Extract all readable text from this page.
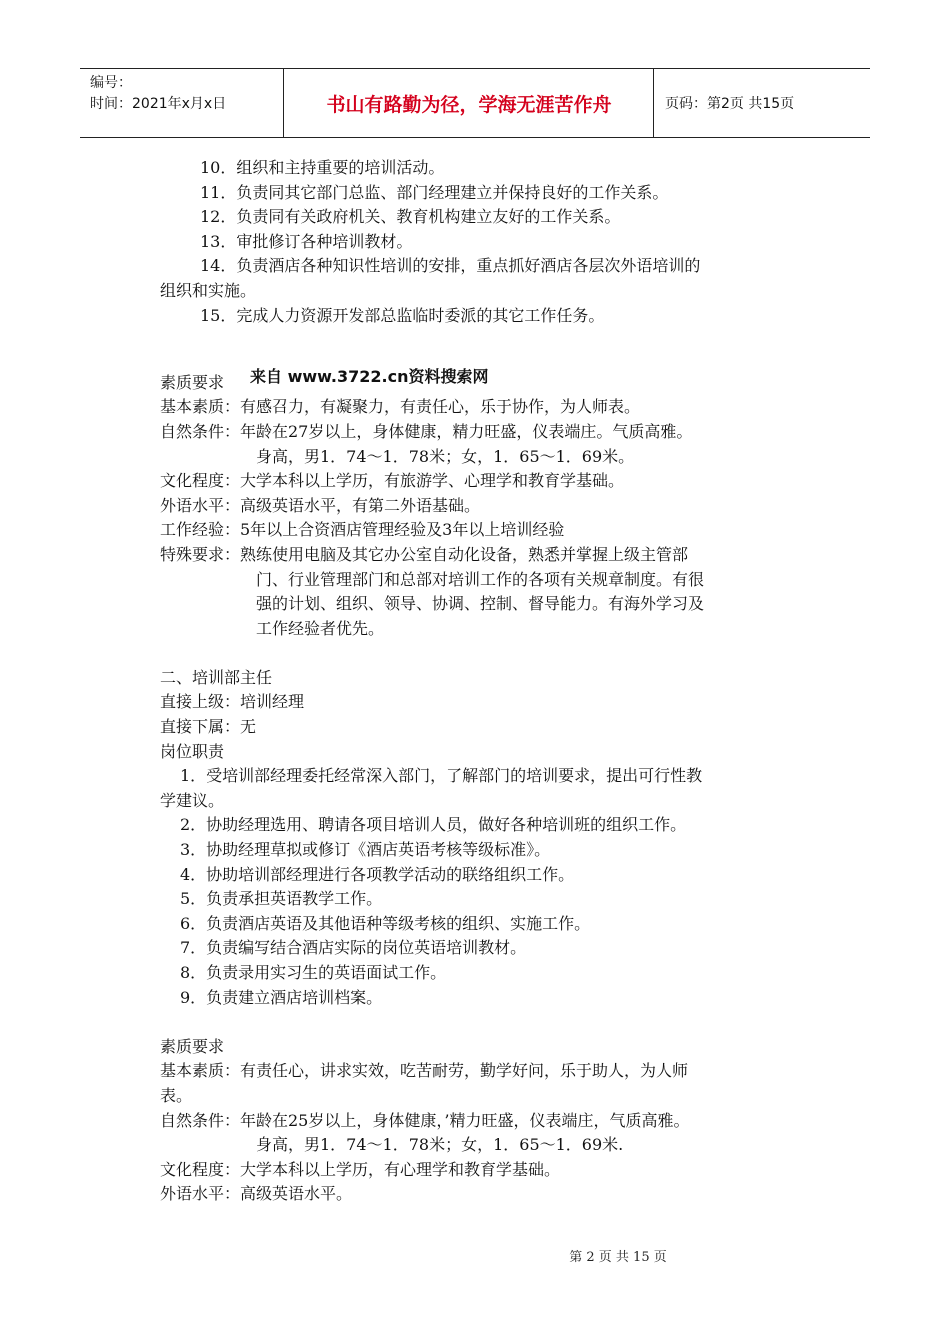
编号：
时间：2021年x月x日	书山有路勤为径，学海无涯苦作舟	页码：第2页 共15页
10．组织和主持重要的培训活动。
11．负责同其它部门总监、部门经理建立并保持良好的工作关系。
12．负责同有关政府机关、教育机构建立友好的工作关系。
13．审批修订各种培训教材。
14．负责酒店各种知识性培训的安排，重点抓好酒店各层次外语培训的
组织和实施。
15．完成人力资源开发部总监临时委派的其它工作任务。
素质要求 来自 www.3722.cn资料搜索网
基本素质：有感召力，有凝聚力，有责任心，乐于协作，为人师表。
自然条件：年龄在27岁以上，身体健康，精力旺盛，仪表端庄。气质高雅。
身高，男1．74～1．78米；女，1．65～1．69米。
文化程度：大学本科以上学历，有旅游学、心理学和教育学基础。
外语水平：高级英语水平，有第二外语基础。
工作经验：5年以上合资酒店管理经验及3年以上培训经验
特殊要求：熟练使用电脑及其它办公室自动化设备，熟悉并掌握上级主管部
门、行业管理部门和总部对培训工作的各项有关规章制度。有很
强的计划、组织、领导、协调、控制、督导能力。有海外学习及
工作经验者优先。
二、培训部主任
直接上级：培训经理
直接下属：无
岗位职责
1．受培训部经理委托经常深入部门，了解部门的培训要求，提出可行性教
学建议。
2．协助经理选用、聘请各项目培训人员，做好各种培训班的组织工作。
3．协助经理草拟或修订《酒店英语考核等级标准》。
4．协助培训部经理进行各项教学活动的联络组织工作。
5．负责承担英语教学工作。
6．负责酒店英语及其他语种等级考核的组织、实施工作。
7．负责编写结合酒店实际的岗位英语培训教材。
8．负责录用实习生的英语面试工作。
9．负责建立酒店培训档案。
素质要求
基本素质：有责任心，讲求实效，吃苦耐劳，勤学好问，乐于助人，为人师
表。
自然条件：年龄在25岁以上，身体健康，’精力旺盛，仪表端庄，气质高雅。
身高，男1．74～1．78米；女，1．65～1．69米.
文化程度：大学本科以上学历，有心理学和教育学基础。
外语水平：高级英语水平。
第 2 页 共 15 页
